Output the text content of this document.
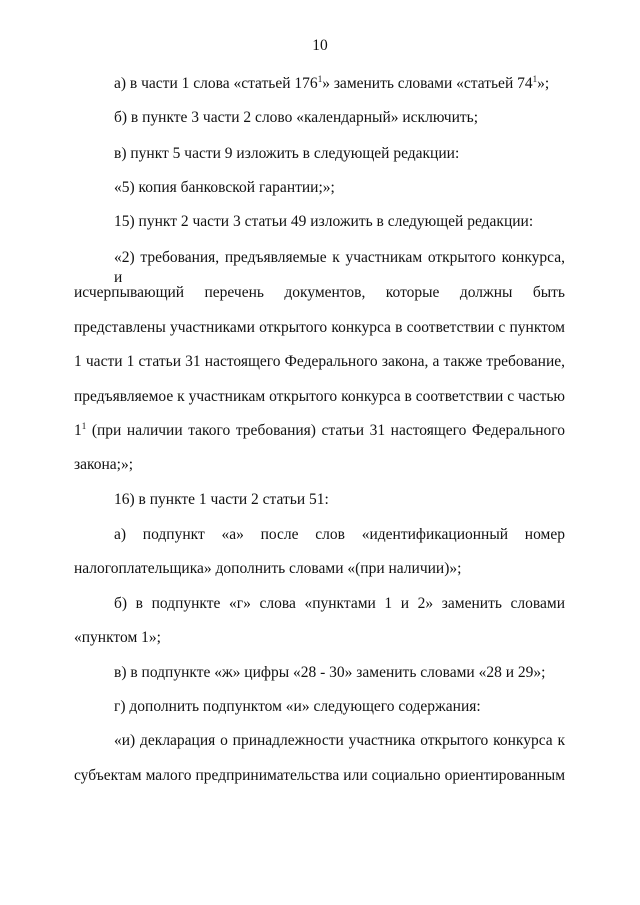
10
а) в части 1 слова «статьей $176^1$» заменить словами «статьей $74^1$»;
б) в пункте 3 части 2 слово «календарный» исключить;
в) пункт 5 части 9 изложить в следующей редакции:
«5) копия банковской гарантии;»;
15) пункт 2 части 3 статьи 49 изложить в следующей редакции:
«2) требования, предъявляемые к участникам открытого конкурса, и
исчерпывающий перечень документов, которые должны быть
представлены участниками открытого конкурса в соответствии с пунктом
1 части 1 статьи 31 настоящего Федерального закона, а также требование,
предъявляемое к участникам открытого конкурса в соответствии с частью
$1^1$ (при наличии такого требования) статьи 31 настоящего Федерального
закона;»;
16) в пункте 1 части 2 статьи 51:
а) подпункт «а» после слов «идентификационный номер
налогоплательщика» дополнить словами «(при наличии)»;
б) в подпункте «г» слова «пунктами 1 и 2» заменить словами
«пунктом 1»;
в) в подпункте «ж» цифры «28 - 30» заменить словами «28 и 29»;
г) дополнить подпунктом «и» следующего содержания:
«и) декларация о принадлежности участника открытого конкурса к
субъектам малого предпринимательства или социально ориентированным
